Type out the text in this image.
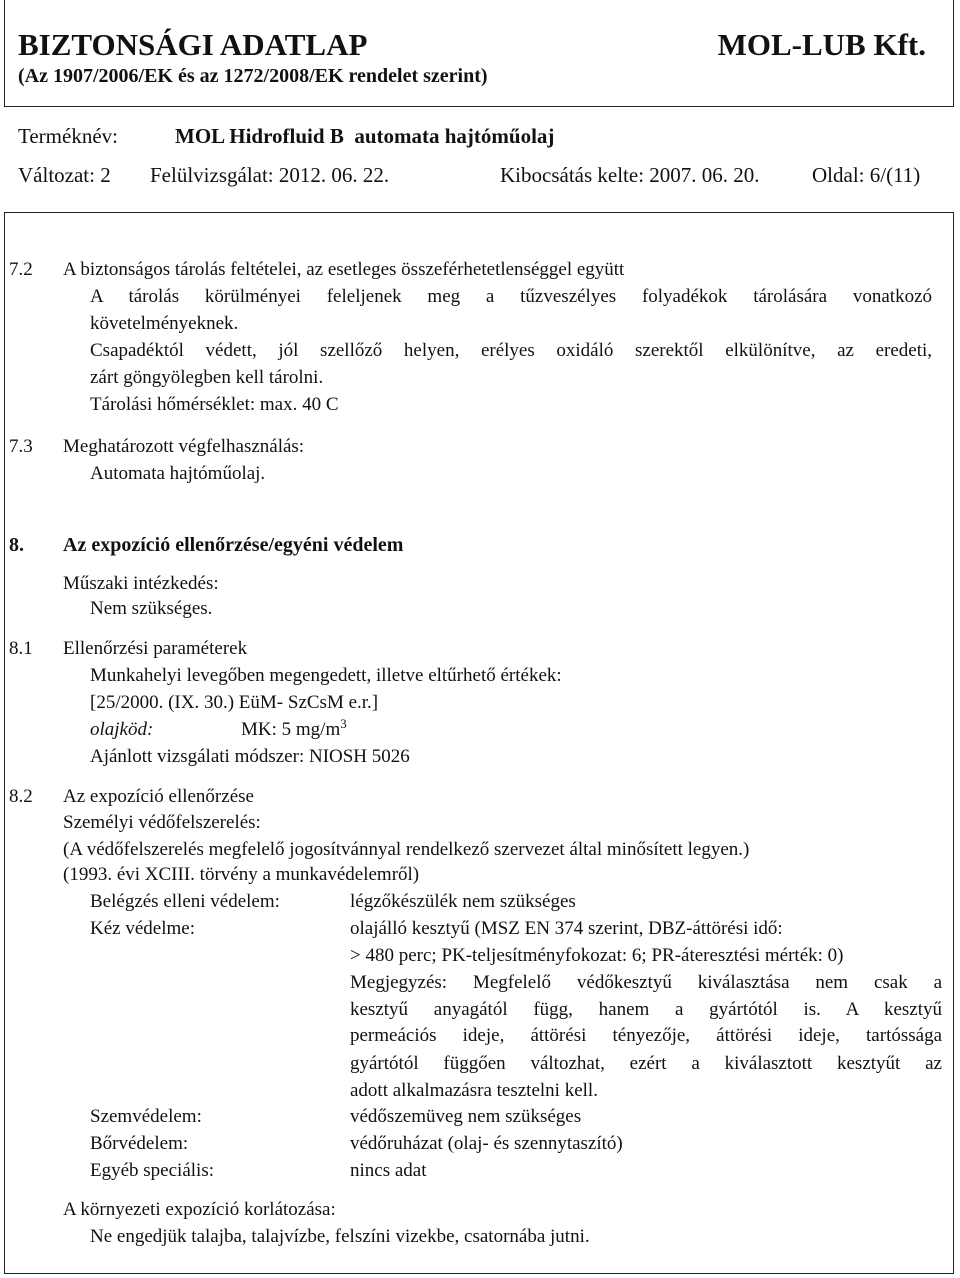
BIZTONSÁGI ADATLAP	MOL-LUB Kft.
(Az 1907/2006/EK és az 1272/2008/EK rendelet szerint)
Terméknév:	MOL Hidrofluid B  automata hajtóműolaj
Változat: 2 Felülvizsgálat: 2012. 06. 22.	Kibocsátás kelte: 2007. 06. 20. Oldal: 6/(11)
7.2 A biztonságos tárolás feltételei, az esetleges összeférhetetlenséggel együtt
A tárolás körülményei feleljenek meg a tűzveszélyes folyadékok tárolására vonatkozó
követelményeknek.
Csapadéktól védett, jól szellőző helyen, erélyes oxidáló szerektől elkülönítve, az eredeti,
zárt göngyölegben kell tárolni.
Tárolási hőmérséklet: max. 40 C
7.3 Meghatározott végfelhasználás:
Automata hajtóműolaj.
8. Az expozíció ellenőrzése/egyéni védelem
Műszaki intézkedés:
Nem szükséges.
8.1 Ellenőrzési paraméterek
Munkahelyi levegőben megengedett, illetve eltűrhető értékek:
[25/2000. (IX. 30.) EüM- SzCsM e.r.]
olajköd:	MK: 5 $mg/m^3$
Ajánlott vizsgálati módszer: NIOSH 5026
8.2 Az expozíció ellenőrzése
Személyi védőfelszerelés:
(A védőfelszerelés megfelelő jogosítvánnyal rendelkező szervezet által minősített legyen.)
(1993. évi XCIII. törvény a munkavédelemről)
Belégzés elleni védelem:	légzőkészülék nem szükséges
Kéz védelme:	olajálló kesztyű (MSZ EN 374 szerint, DBZ-áttörési idő:
> 480 perc; PK-teljesítményfokozat: 6; PR-áteresztési mérték: 0)
Megjegyzés: Megfelelő védőkesztyű kiválasztása nem csak a
kesztyű anyagától függ, hanem a gyártótól is. A kesztyű
permeációs ideje, áttörési tényezője, áttörési ideje, tartóssága
gyártótól függően változhat, ezért a kiválasztott kesztyűt az
adott alkalmazásra tesztelni kell.
Szemvédelem:	védőszemüveg nem szükséges
Bőrvédelem:	védőruházat (olaj- és szennytaszító)
Egyéb speciális:	nincs adat
A környezeti expozíció korlátozása:
Ne engedjük talajba, talajvízbe, felszíni vizekbe, csatornába jutni.
